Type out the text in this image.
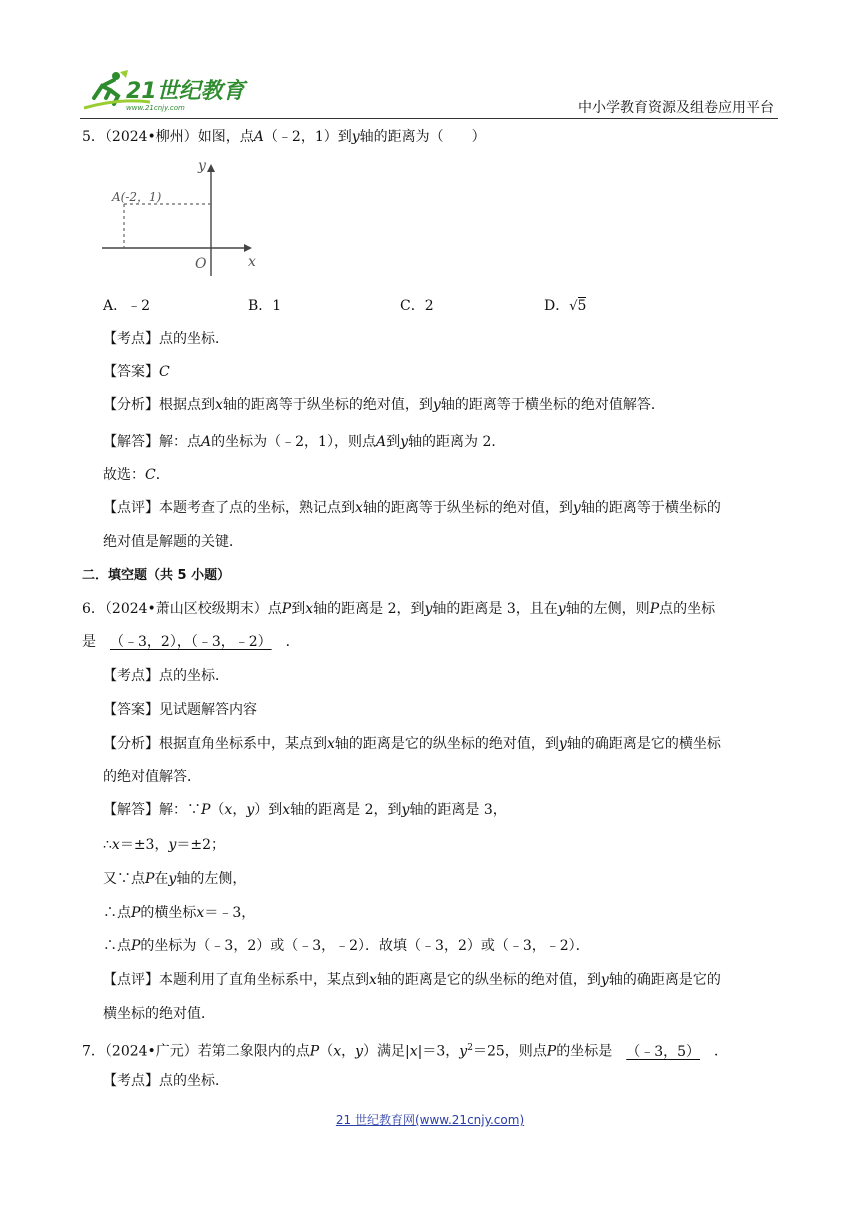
21世纪教育
www.21cnjy.com	中小学教育资源及组卷应用平台
5．（2024•柳州）如图，点A（﹣2，1）到y轴的距离为（　　）
A(-2，1)
x
y
O
A．﹣2	B．1	C．2	D．√5
【考点】点的坐标．
【答案】C
【分析】根据点到x轴的距离等于纵坐标的绝对值，到y轴的距离等于横坐标的绝对值解答．
【解答】解：点A的坐标为（﹣2，1），则点A到y轴的距离为 2．
故选：C．
【点评】本题考查了点的坐标，熟记点到x轴的距离等于纵坐标的绝对值，到y轴的距离等于横坐标的
绝对值是解题的关键．
二．填空题（共 5 小题）
6．（2024•萧山区校级期末）点P到x轴的距离是 2，到y轴的距离是 3，且在y轴的左侧，则P点的坐标
是　 （﹣3，2），（﹣3，﹣2）　 ．
【考点】点的坐标．
【答案】见试题解答内容
【分析】根据直角坐标系中，某点到x轴的距离是它的纵坐标的绝对值，到y轴的确距离是它的横坐标
的绝对值解答．
【解答】解：∵P（x，y）到x轴的距离是 2，到y轴的距离是 3，
∴x＝±3，y＝±2；
又∵点P在y轴的左侧，
∴点P的横坐标x＝﹣3，
∴点P的坐标为（﹣3，2）或（﹣3，﹣2）．故填（﹣3，2）或（﹣3，﹣2）．
【点评】本题利用了直角坐标系中，某点到x轴的距离是它的纵坐标的绝对值，到y轴的确距离是它的
横坐标的绝对值．
7．（2024•广元）若第二象限内的点P（x，y）满足|x|＝3，$y^2=25$，则点P的坐标是　 （﹣3，5）　 ．
【考点】点的坐标．
21 世纪教育网(www.21cnjy.com)
